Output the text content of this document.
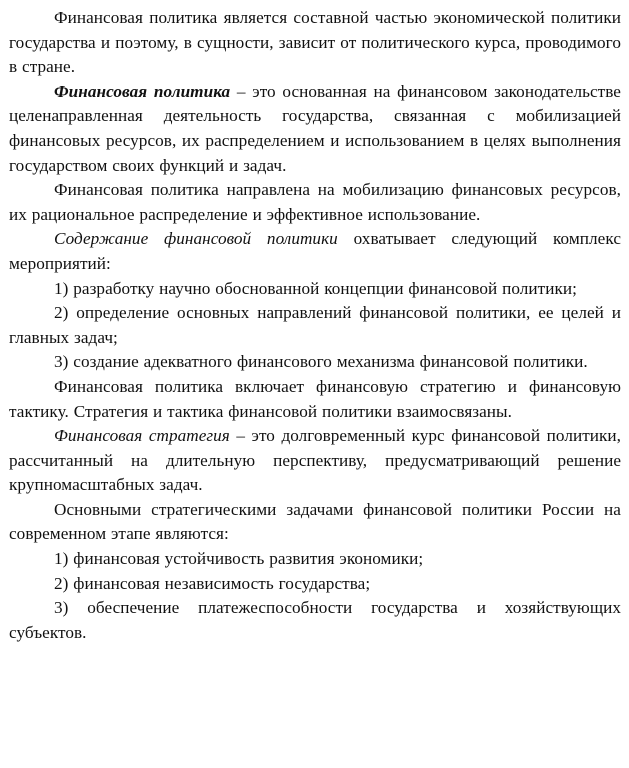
Финансовая политика является составной частью экономической политики государства и поэтому, в сущности, зависит от политического курса, проводимого в стране.

Финансовая политика – это основанная на финансовом законодательстве целенаправленная деятельность государства, связанная с мобилизацией финансовых ресурсов, их распределением и использованием в целях выполнения государством своих функций и задач.

Финансовая политика направлена на мобилизацию финансовых ресурсов, их рациональное распределение и эффективное использование.

Содержание финансовой политики охватывает следующий комплекс мероприятий:

1) разработку научно обоснованной концепции финансовой политики;

2) определение основных направлений финансовой политики, ее целей и главных задач;

3) создание адекватного финансового механизма финансовой политики.

Финансовая политика включает финансовую стратегию и финансовую тактику. Стратегия и тактика финансовой политики взаимосвязаны.

Финансовая стратегия – это долговременный курс финансовой политики, рассчитанный на длительную перспективу, предусматривающий решение крупномасштабных задач.

Основными стратегическими задачами финансовой политики России на современном этапе являются:

1) финансовая устойчивость развития экономики;

2) финансовая независимость государства;

3) обеспечение платежеспособности государства и хозяйствующих субъектов.
